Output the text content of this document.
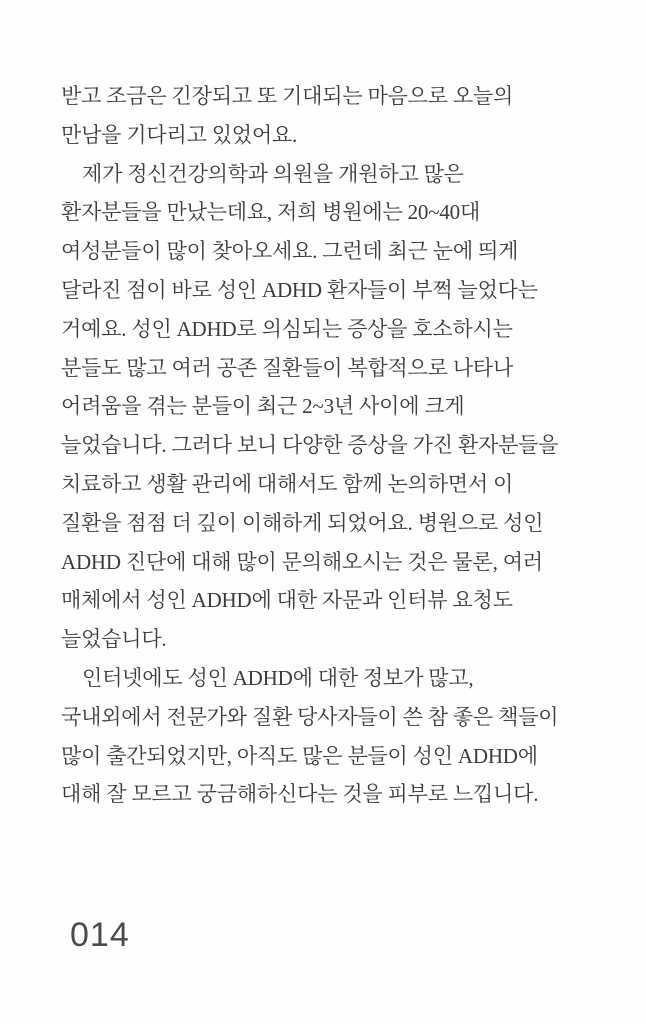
받고 조금은 긴장되고 또 기대되는 마음으로 오늘의
만남을 기다리고 있었어요.
제가 정신건강의학과 의원을 개원하고 많은
환자분들을 만났는데요, 저희 병원에는 20~40대
여성분들이 많이 찾아오세요. 그런데 최근 눈에 띄게
달라진 점이 바로 성인 ADHD 환자들이 부쩍 늘었다는
거예요. 성인 ADHD로 의심되는 증상을 호소하시는
분들도 많고 여러 공존 질환들이 복합적으로 나타나
어려움을 겪는 분들이 최근 2~3년 사이에 크게
늘었습니다. 그러다 보니 다양한 증상을 가진 환자분들을
치료하고 생활 관리에 대해서도 함께 논의하면서 이
질환을 점점 더 깊이 이해하게 되었어요. 병원으로 성인
ADHD 진단에 대해 많이 문의해오시는 것은 물론, 여러
매체에서 성인 ADHD에 대한 자문과 인터뷰 요청도
늘었습니다.
인터넷에도 성인 ADHD에 대한 정보가 많고,
국내외에서 전문가와 질환 당사자들이 쓴 참 좋은 책들이
많이 출간되었지만, 아직도 많은 분들이 성인 ADHD에
대해 잘 모르고 궁금해하신다는 것을 피부로 느낍니다.
014
